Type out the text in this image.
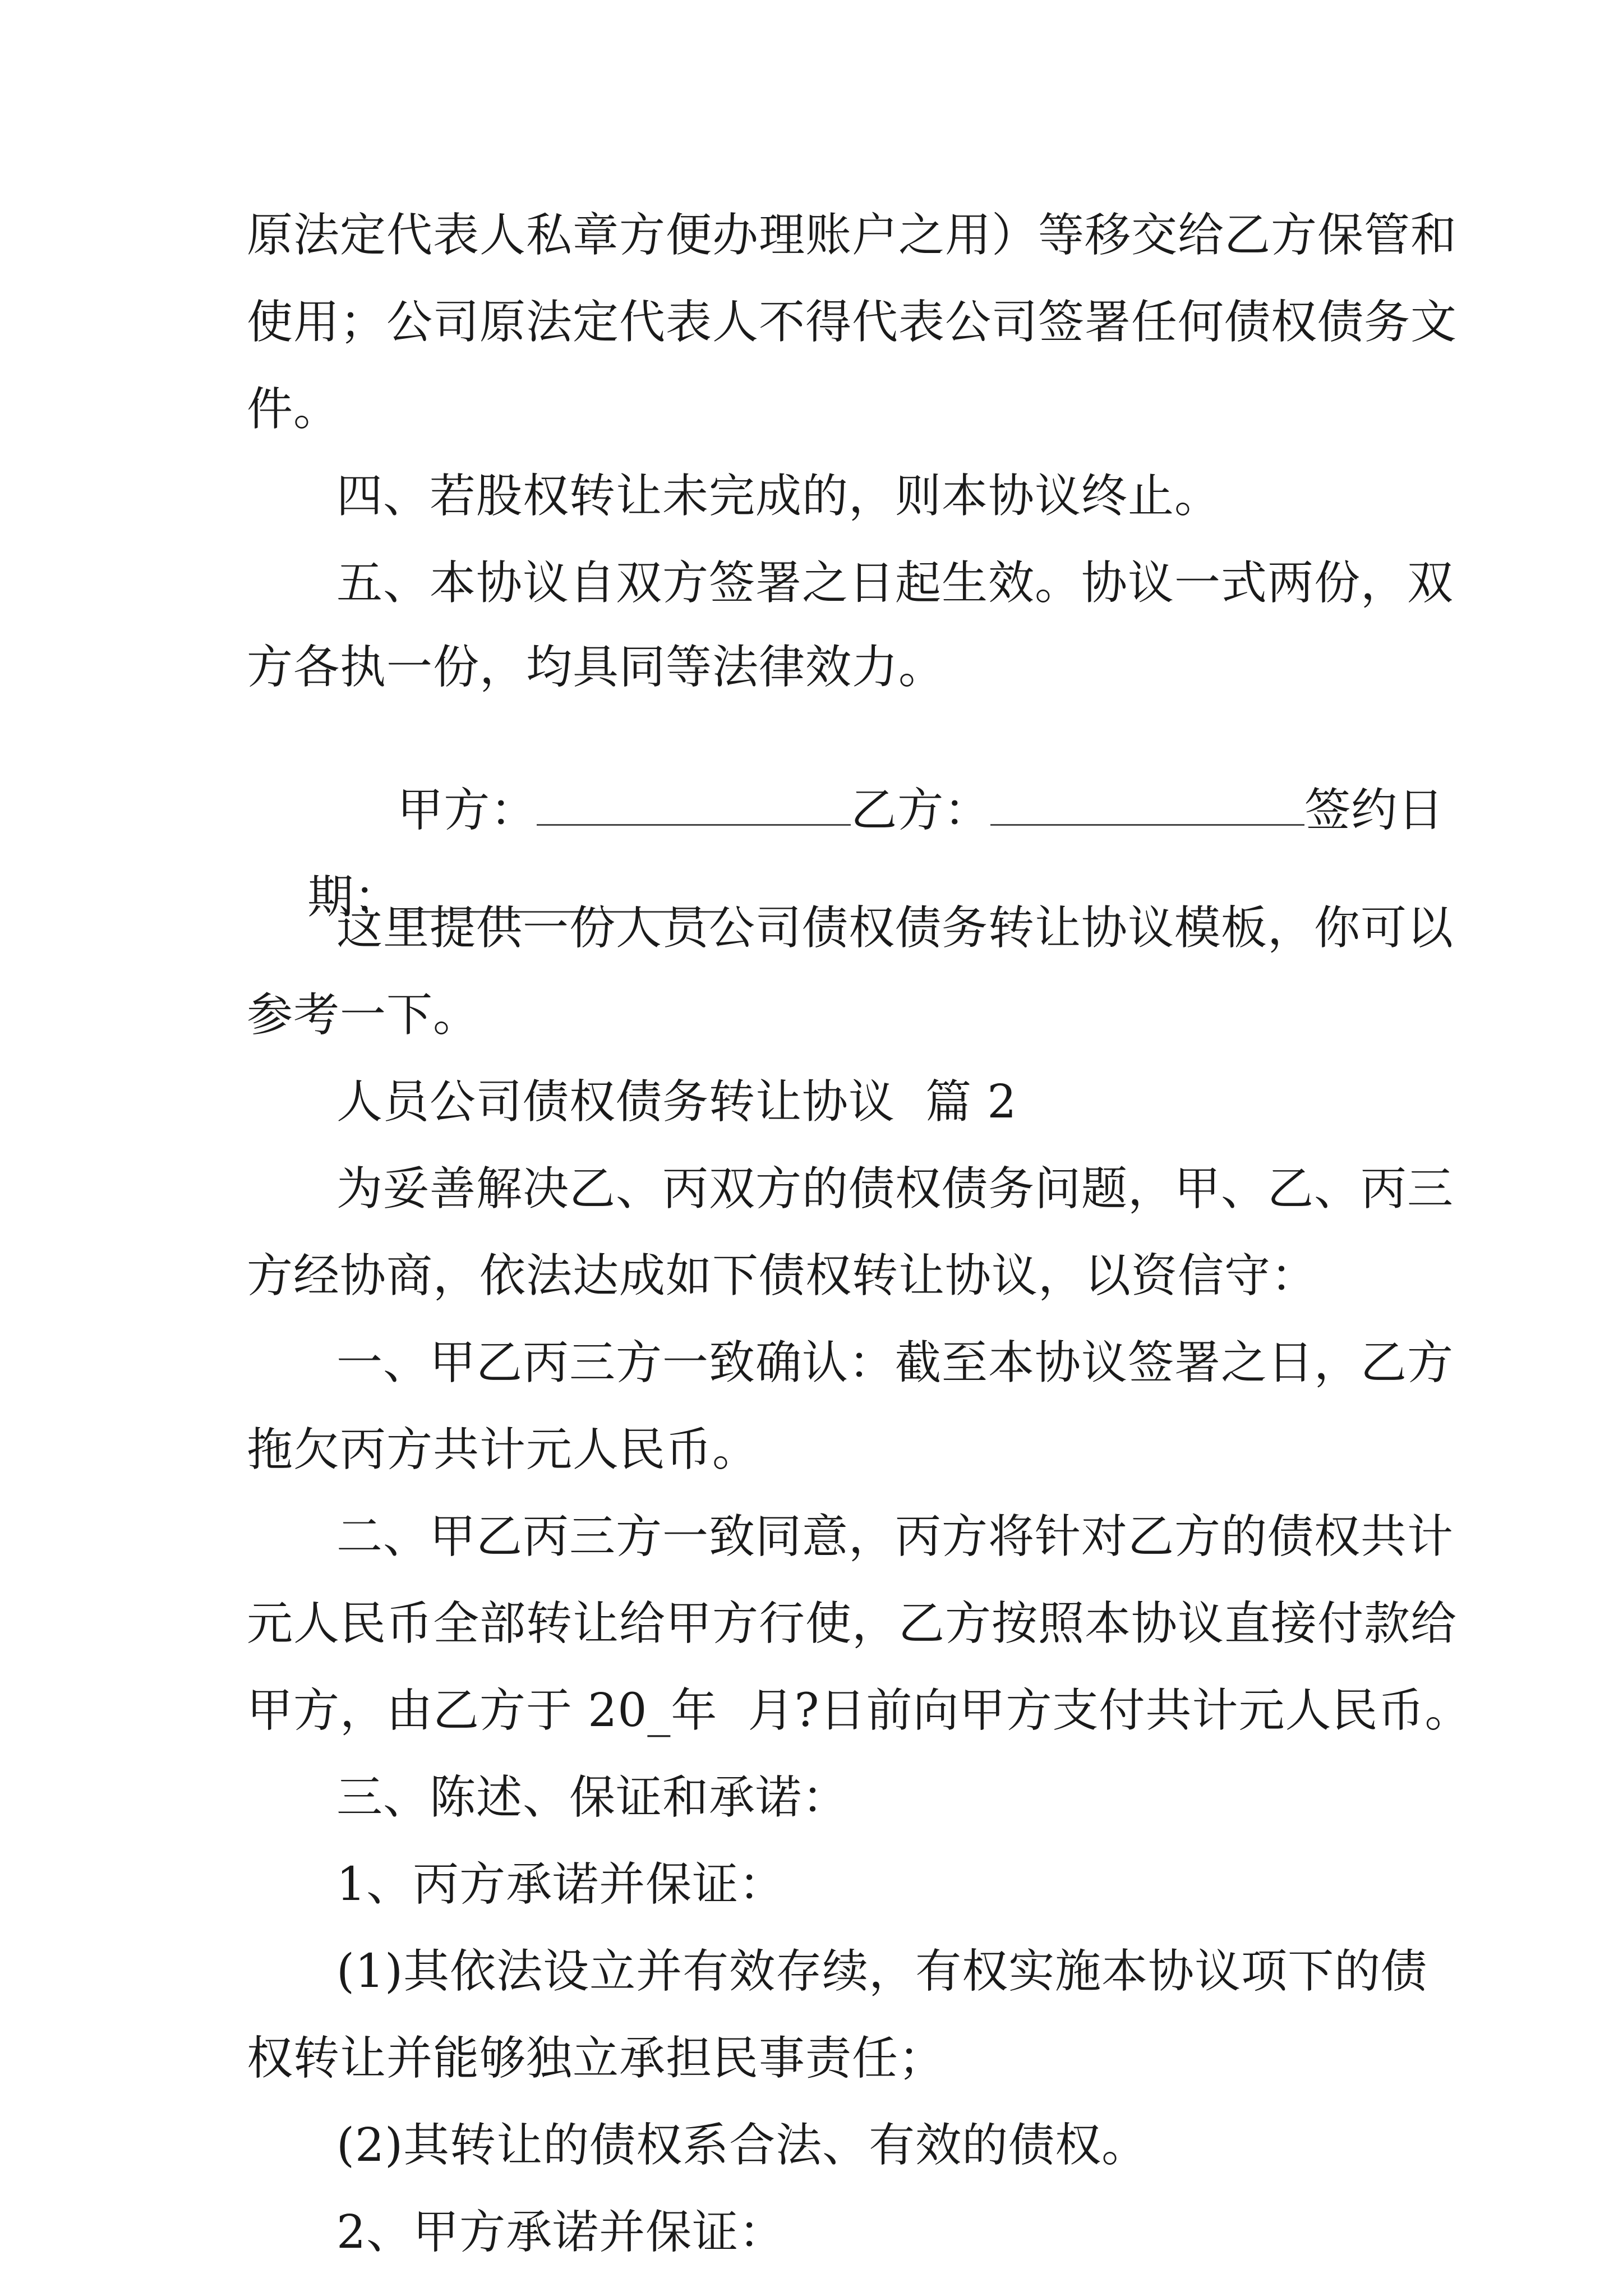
原法定代表人私章方便办理账户之用）等移交给乙方保管和
使用；公司原法定代表人不得代表公司签署任何债权债务文
件。
四、若股权转让未完成的，则本协议终止。
五、本协议自双方签署之日起生效。协议一式两份，双
方各执一份，均具同等法律效力。

甲方：	乙方：	签约日

期：

这里提供一份人员公司债权债务转让协议模板，你可以
参考一下。
人员公司债权债务转让协议  篇 2
为妥善解决乙、丙双方的债权债务问题，甲、乙、丙三
方经协商，依法达成如下债权转让协议，以资信守：
一、甲乙丙三方一致确认：截至本协议签署之日，乙方
拖欠丙方共计元人民币。
二、甲乙丙三方一致同意，丙方将针对乙方的债权共计
元人民币全部转让给甲方行使，乙方按照本协议直接付款给
甲方，由乙方于 20_年  月?日前向甲方支付共计元人民币。
三、陈述、保证和承诺：
1、丙方承诺并保证：
(1)其依法设立并有效存续，有权实施本协议项下的债
权转让并能够独立承担民事责任；
(2)其转让的债权系合法、有效的债权。
2、甲方承诺并保证：
